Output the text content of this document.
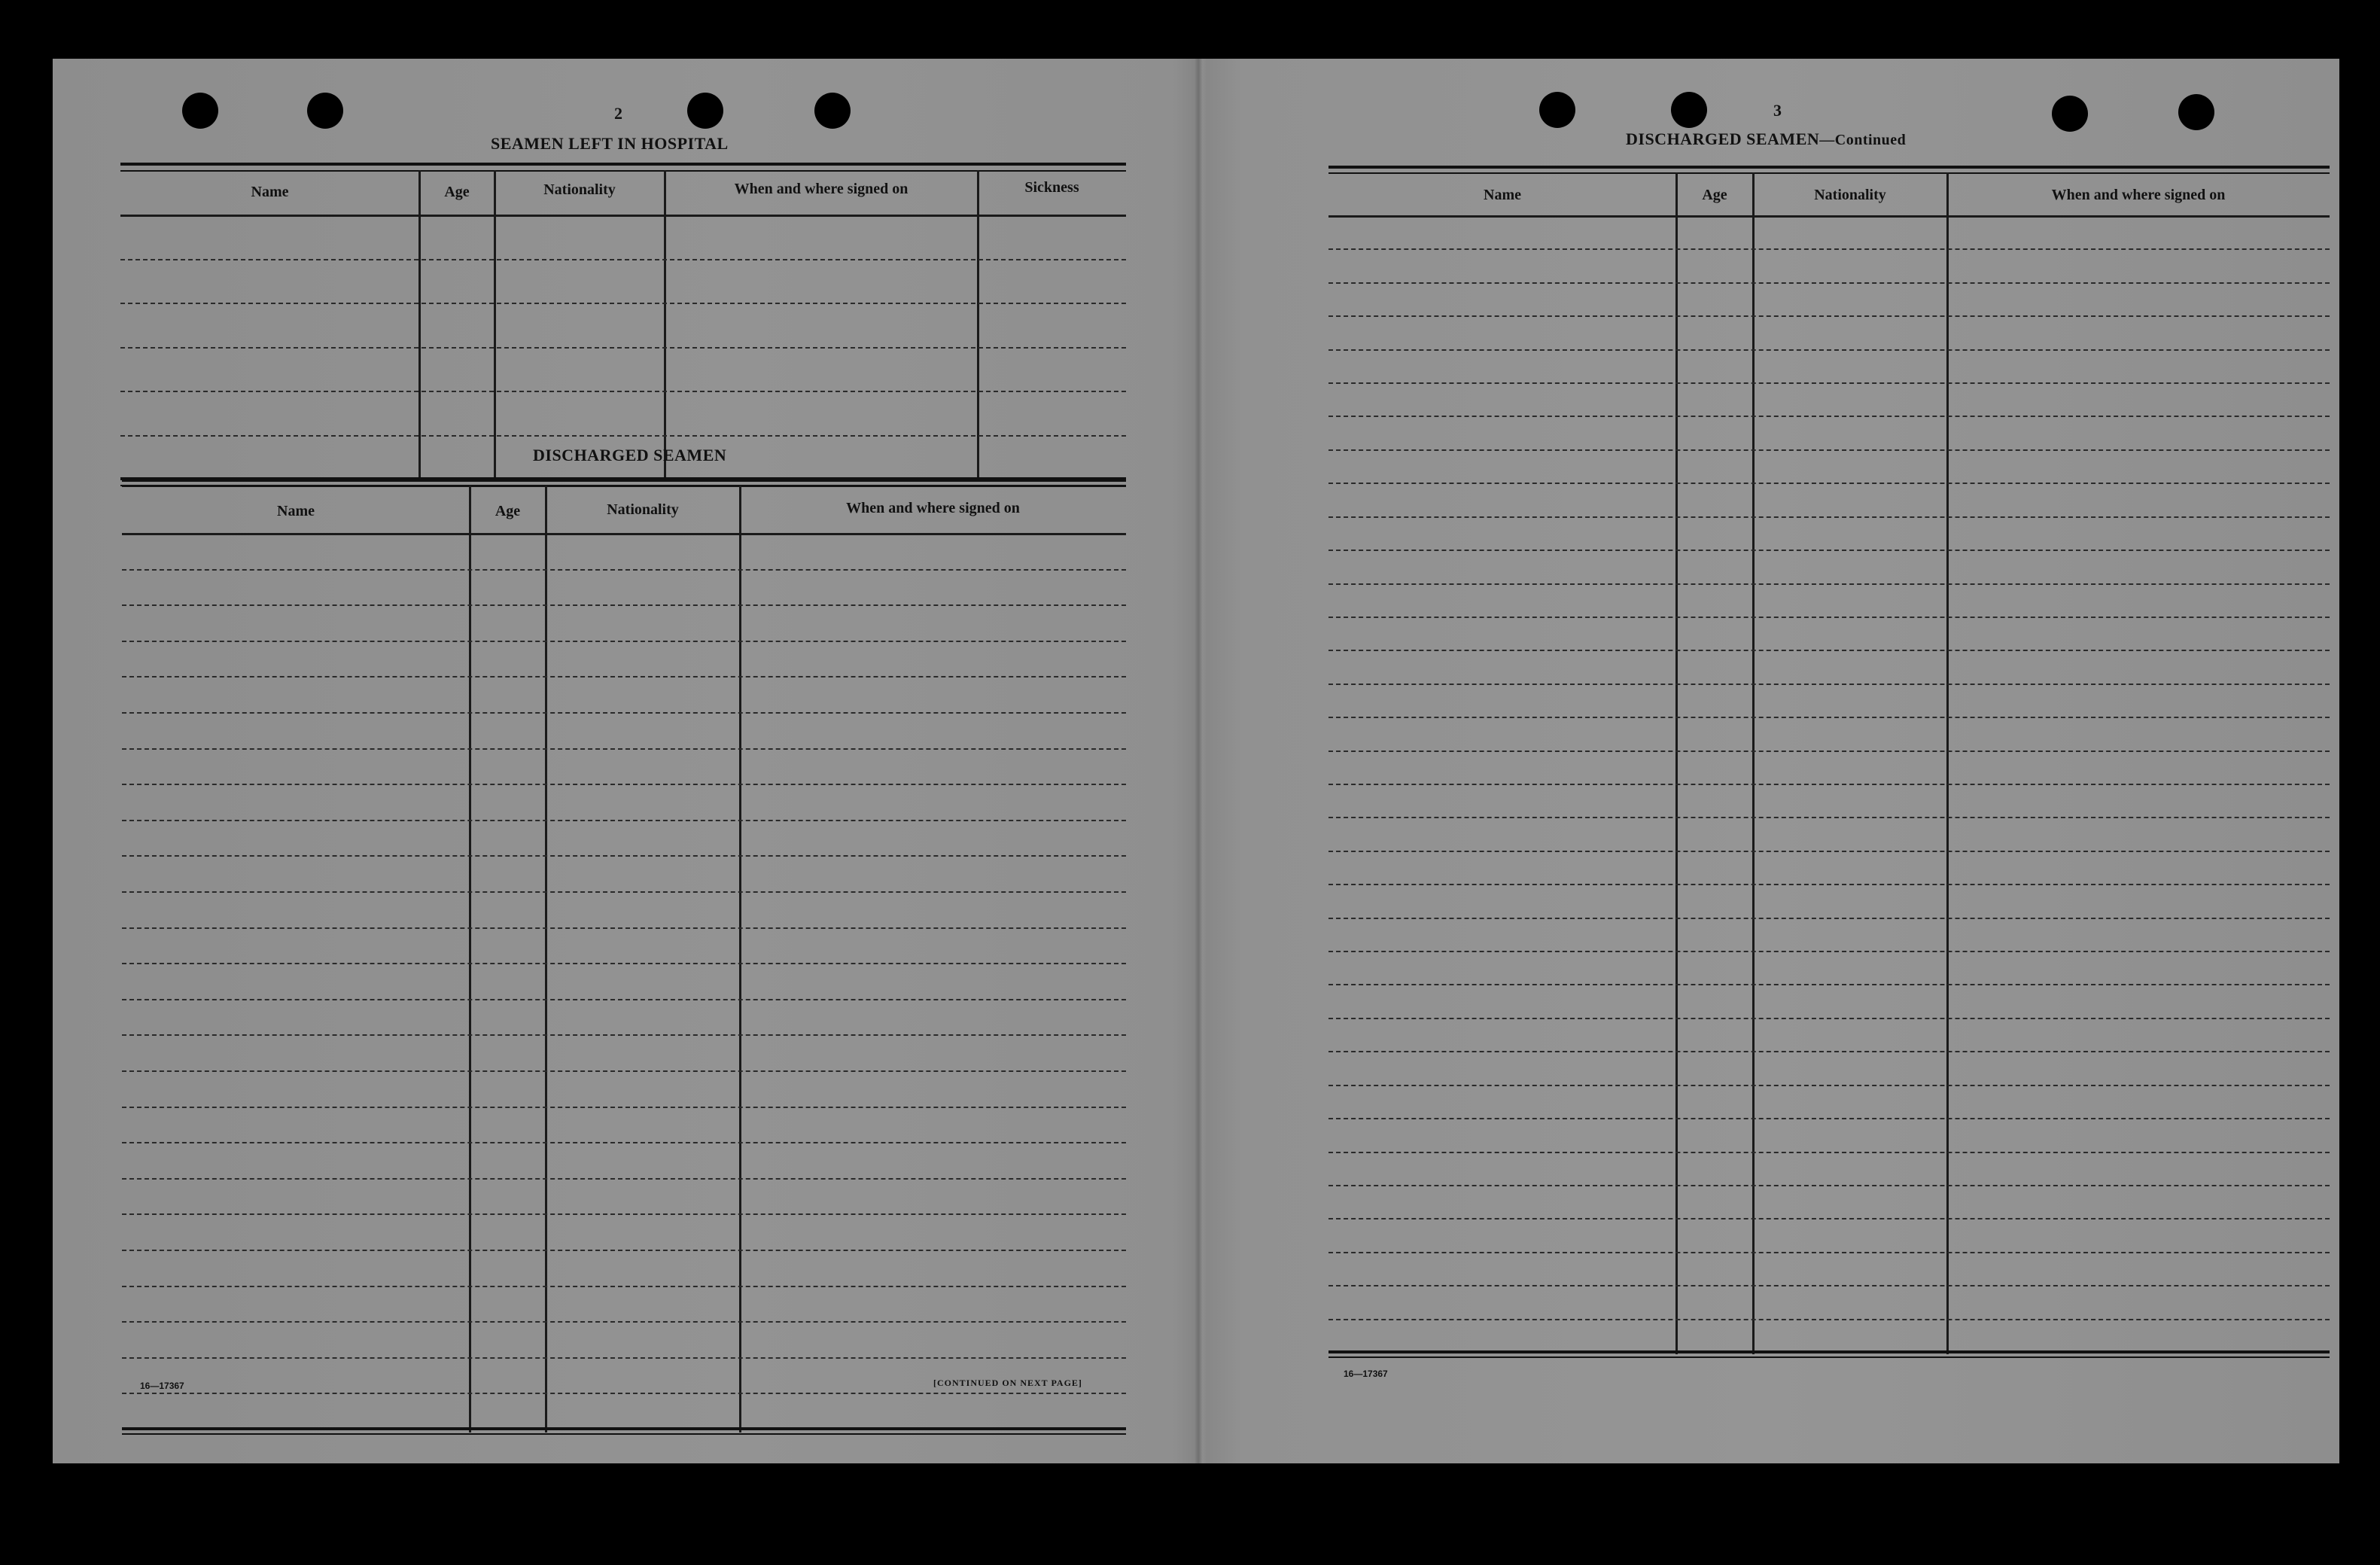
2
SEAMEN LEFT IN HOSPITAL
Name	Age	Nationality	When and where signed on	Sickness
DISCHARGED SEAMEN
Name	Age	Nationality	When and where signed on
16—17367	[CONTINUED ON NEXT PAGE]
3
DISCHARGED SEAMEN—Continued
Name	Age	Nationality	When and where signed on
16—17367
